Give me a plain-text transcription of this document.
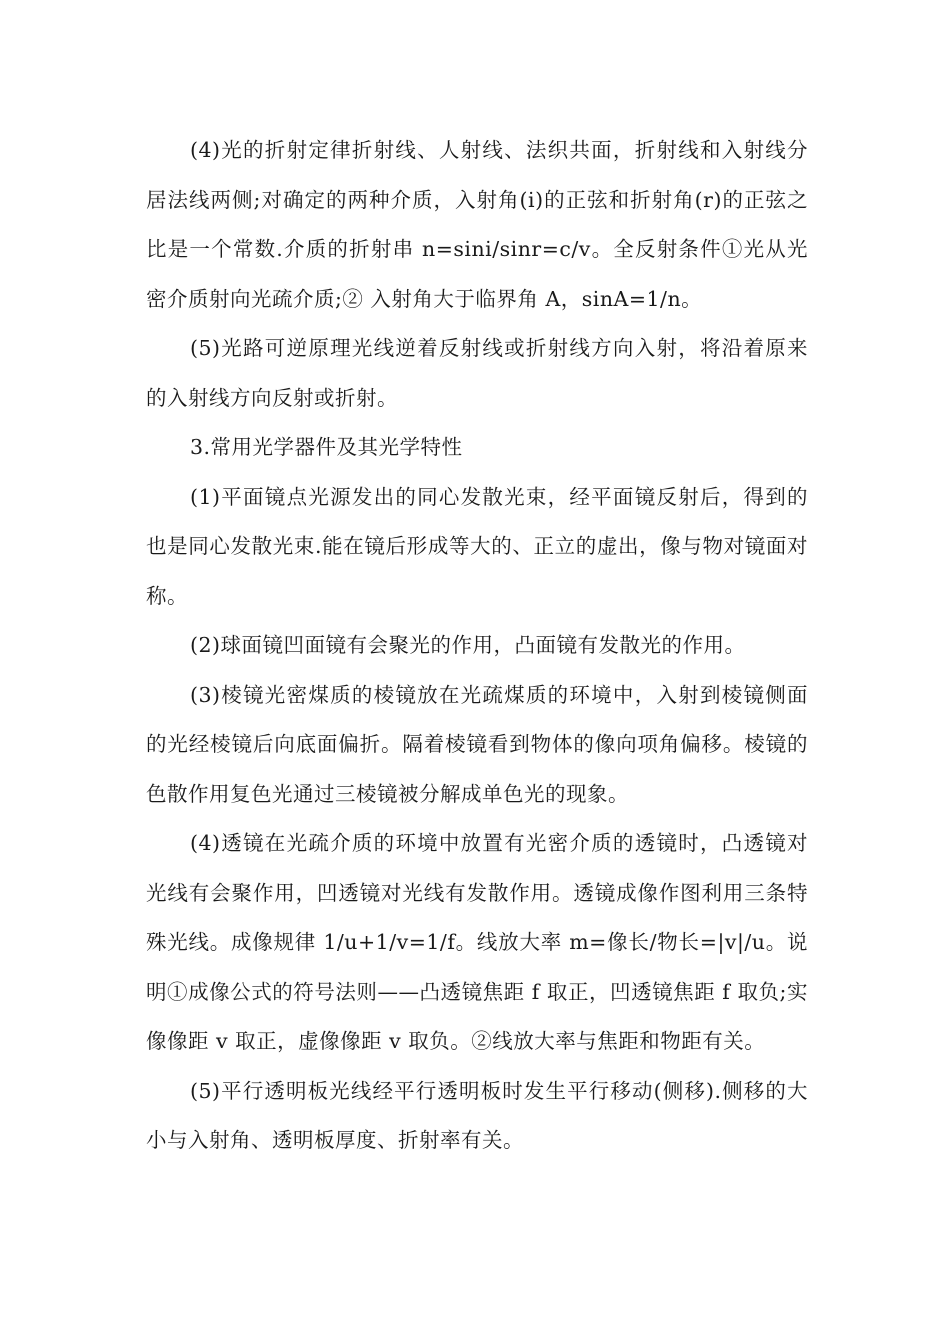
(4)光的折射定律折射线、人射线、法织共面，折射线和入射线分居法线两侧;对确定的两种介质，入射角(i)的正弦和折射角(r)的正弦之比是一个常数.介质的折射串 n=sini/sinr=c/v。全反射条件①光从光密介质射向光疏介质;② 入射角大于临界角 A，sinA=1/n。

(5)光路可逆原理光线逆着反射线或折射线方向入射，将沿着原来的入射线方向反射或折射。

3.常用光学器件及其光学特性

(1)平面镜点光源发出的同心发散光束，经平面镜反射后，得到的也是同心发散光束.能在镜后形成等大的、正立的虚出，像与物对镜面对称。

(2)球面镜凹面镜有会聚光的作用，凸面镜有发散光的作用。

(3)棱镜光密煤质的棱镜放在光疏煤质的环境中，入射到棱镜侧面的光经棱镜后向底面偏折。隔着棱镜看到物体的像向项角偏移。棱镜的色散作用复色光通过三棱镜被分解成单色光的现象。

(4)透镜在光疏介质的环境中放置有光密介质的透镜时，凸透镜对光线有会聚作用，凹透镜对光线有发散作用。透镜成像作图利用三条特殊光线。成像规律 1/u+1/v=1/f。线放大率 m=像长/物长=|v|/u。说明①成像公式的符号法则——凸透镜焦距 f 取正，凹透镜焦距 f 取负;实像像距 v 取正，虚像像距 v 取负。②线放大率与焦距和物距有关。

(5)平行透明板光线经平行透明板时发生平行移动(侧移).侧移的大小与入射角、透明板厚度、折射率有关。
